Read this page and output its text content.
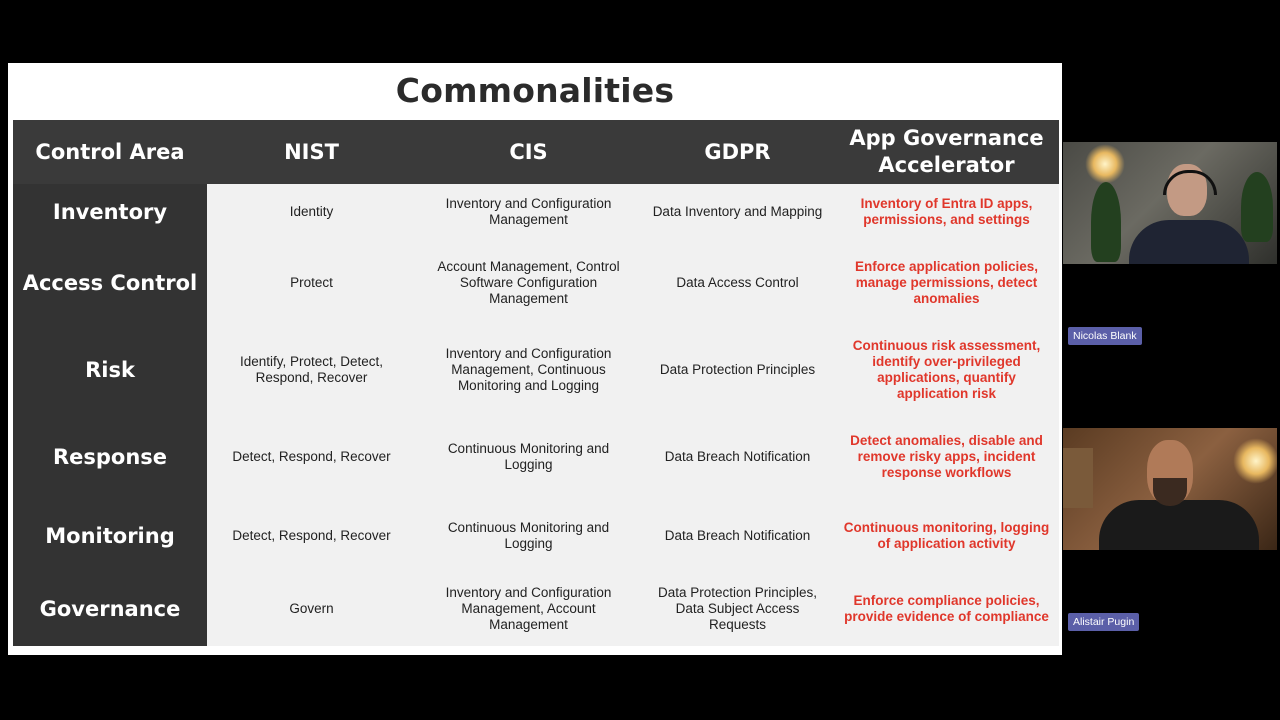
Commonalities
Control Area	NIST	CIS	GDPR	App Governance Accelerator
Inventory	Identity	Inventory and Configuration Management	Data Inventory and Mapping	Inventory of Entra ID apps, permissions, and settings
Access Control	Protect	Account Management, Control Software Configuration Management	Data Access Control	Enforce application policies, manage permissions, detect anomalies
Risk	Identify, Protect, Detect, Respond, Recover	Inventory and Configuration Management, Continuous Monitoring and Logging	Data Protection Principles	Continuous risk assessment, identify over-privileged applications, quantify application risk
Response	Detect, Respond, Recover	Continuous Monitoring and Logging	Data Breach Notification	Detect anomalies, disable and remove risky apps, incident response workflows
Monitoring	Detect, Respond, Recover	Continuous Monitoring and Logging	Data Breach Notification	Continuous monitoring, logging of application activity
Governance	Govern	Inventory and Configuration Management, Account Management	Data Protection Principles, Data Subject Access Requests	Enforce compliance policies, provide evidence of compliance
Nicolas Blank
Alistair Pugin
